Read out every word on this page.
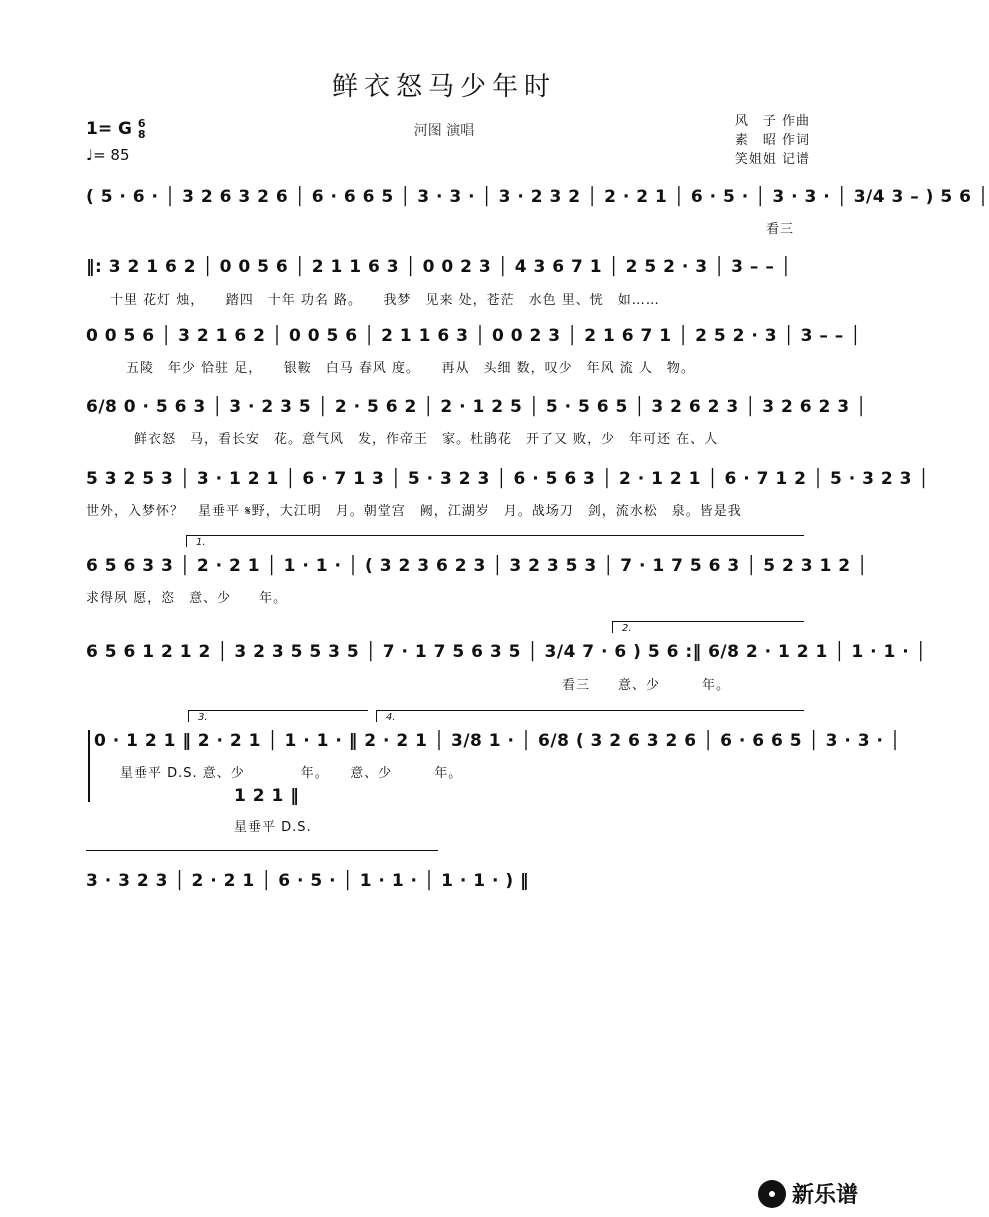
鲜衣怒马少年时
1= G 6
8
♩= 85
河图 演唱
风　子 作曲
素　昭 作词
笑姐姐 记谱
( 5 · 6 · │ 3 2 6 3 2 6 │ 6 · 6 6 5 │ 3 · 3 · │ 3 · 2 3 2 │ 2 · 2 1 │ 6 · 5 · │ 3 · 3 · │ 3/4 3 – ) 5 6 │
看三
‖: 3 2 1 6 2 │ 0 0 5 6 │ 2 1 1 6 3 │ 0 0 2 3 │ 4 3 6 7 1 │ 2 5 2 · 3 │ 3 – – │
十里 花灯 烛，　　踏四　十年 功名 路。　　我梦　见来 处，苍茫　水色 里、恍　如……
0 0 5 6 │ 3 2 1 6 2 │ 0 0 5 6 │ 2 1 1 6 3 │ 0 0 2 3 │ 2 1 6 7 1 │ 2 5 2 · 3 │ 3 – – │
五陵　年少 恰驻 足，　　银鞍　白马 春风 度。　　再从　头细 数，叹少　年风 流 人　物。
6/8 0 · 5 6 3 │ 3 · 2 3 5 │ 2 · 5 6 2 │ 2 · 1 2 5 │ 5 · 5 6 5 │ 3 2 6 2 3 │ 3 2 6 2 3 │
鲜衣怒　马，看长安　花。意气风　发，作帝王　家。杜鹃花　开了又 败，少　年可还 在、人
5 3 2 5 3 │ 3 · 1 2 1 │ 6 · 7 1 3 │ 5 · 3 2 3 │ 6 · 5 6 3 │ 2 · 1 2 1 │ 6 · 7 1 2 │ 5 · 3 2 3 │
世外，入梦怀？　星垂平 𝄋野，大江明　月。朝堂宫　阙，江湖岁　月。战场刀　剑，流水松　泉。皆是我
1.
6 5 6 3 3 │ 2 · 2 1 │ 1 · 1 · │ ( 3 2 3 6 2 3 │ 3 2 3 5 3 │ 7 · 1 7 5 6 3 │ 5 2 3 1 2 │
求得夙 愿，恣　意、少　　年。
2.
6 5 6 1 2 1 2 │ 3 2 3 5 5 3 5 │ 7 · 1 7 5 6 3 5 │ 3/4 7 · 6 ) 5 6 :‖ 6/8 2 · 1 2 1 │ 1 · 1 · │
看三　　意、少　　　年。
3.	4.
0 · 1 2 1 ‖ 2 · 2 1 │ 1 · 1 · ‖ 2 · 2 1 │ 3/8 1 · │ 6/8 ( 3 2 6 3 2 6 │ 6 · 6 6 5 │ 3 · 3 · │
星垂平 D.S. 意、少　　　　年。　　意、少　　　年。
1 2 1 ‖
星垂平 D.S.
3 · 3 2 3 │ 2 · 2 1 │ 6 · 5 · │ 1 · 1 · │ 1 · 1 · ) ‖
新乐谱
